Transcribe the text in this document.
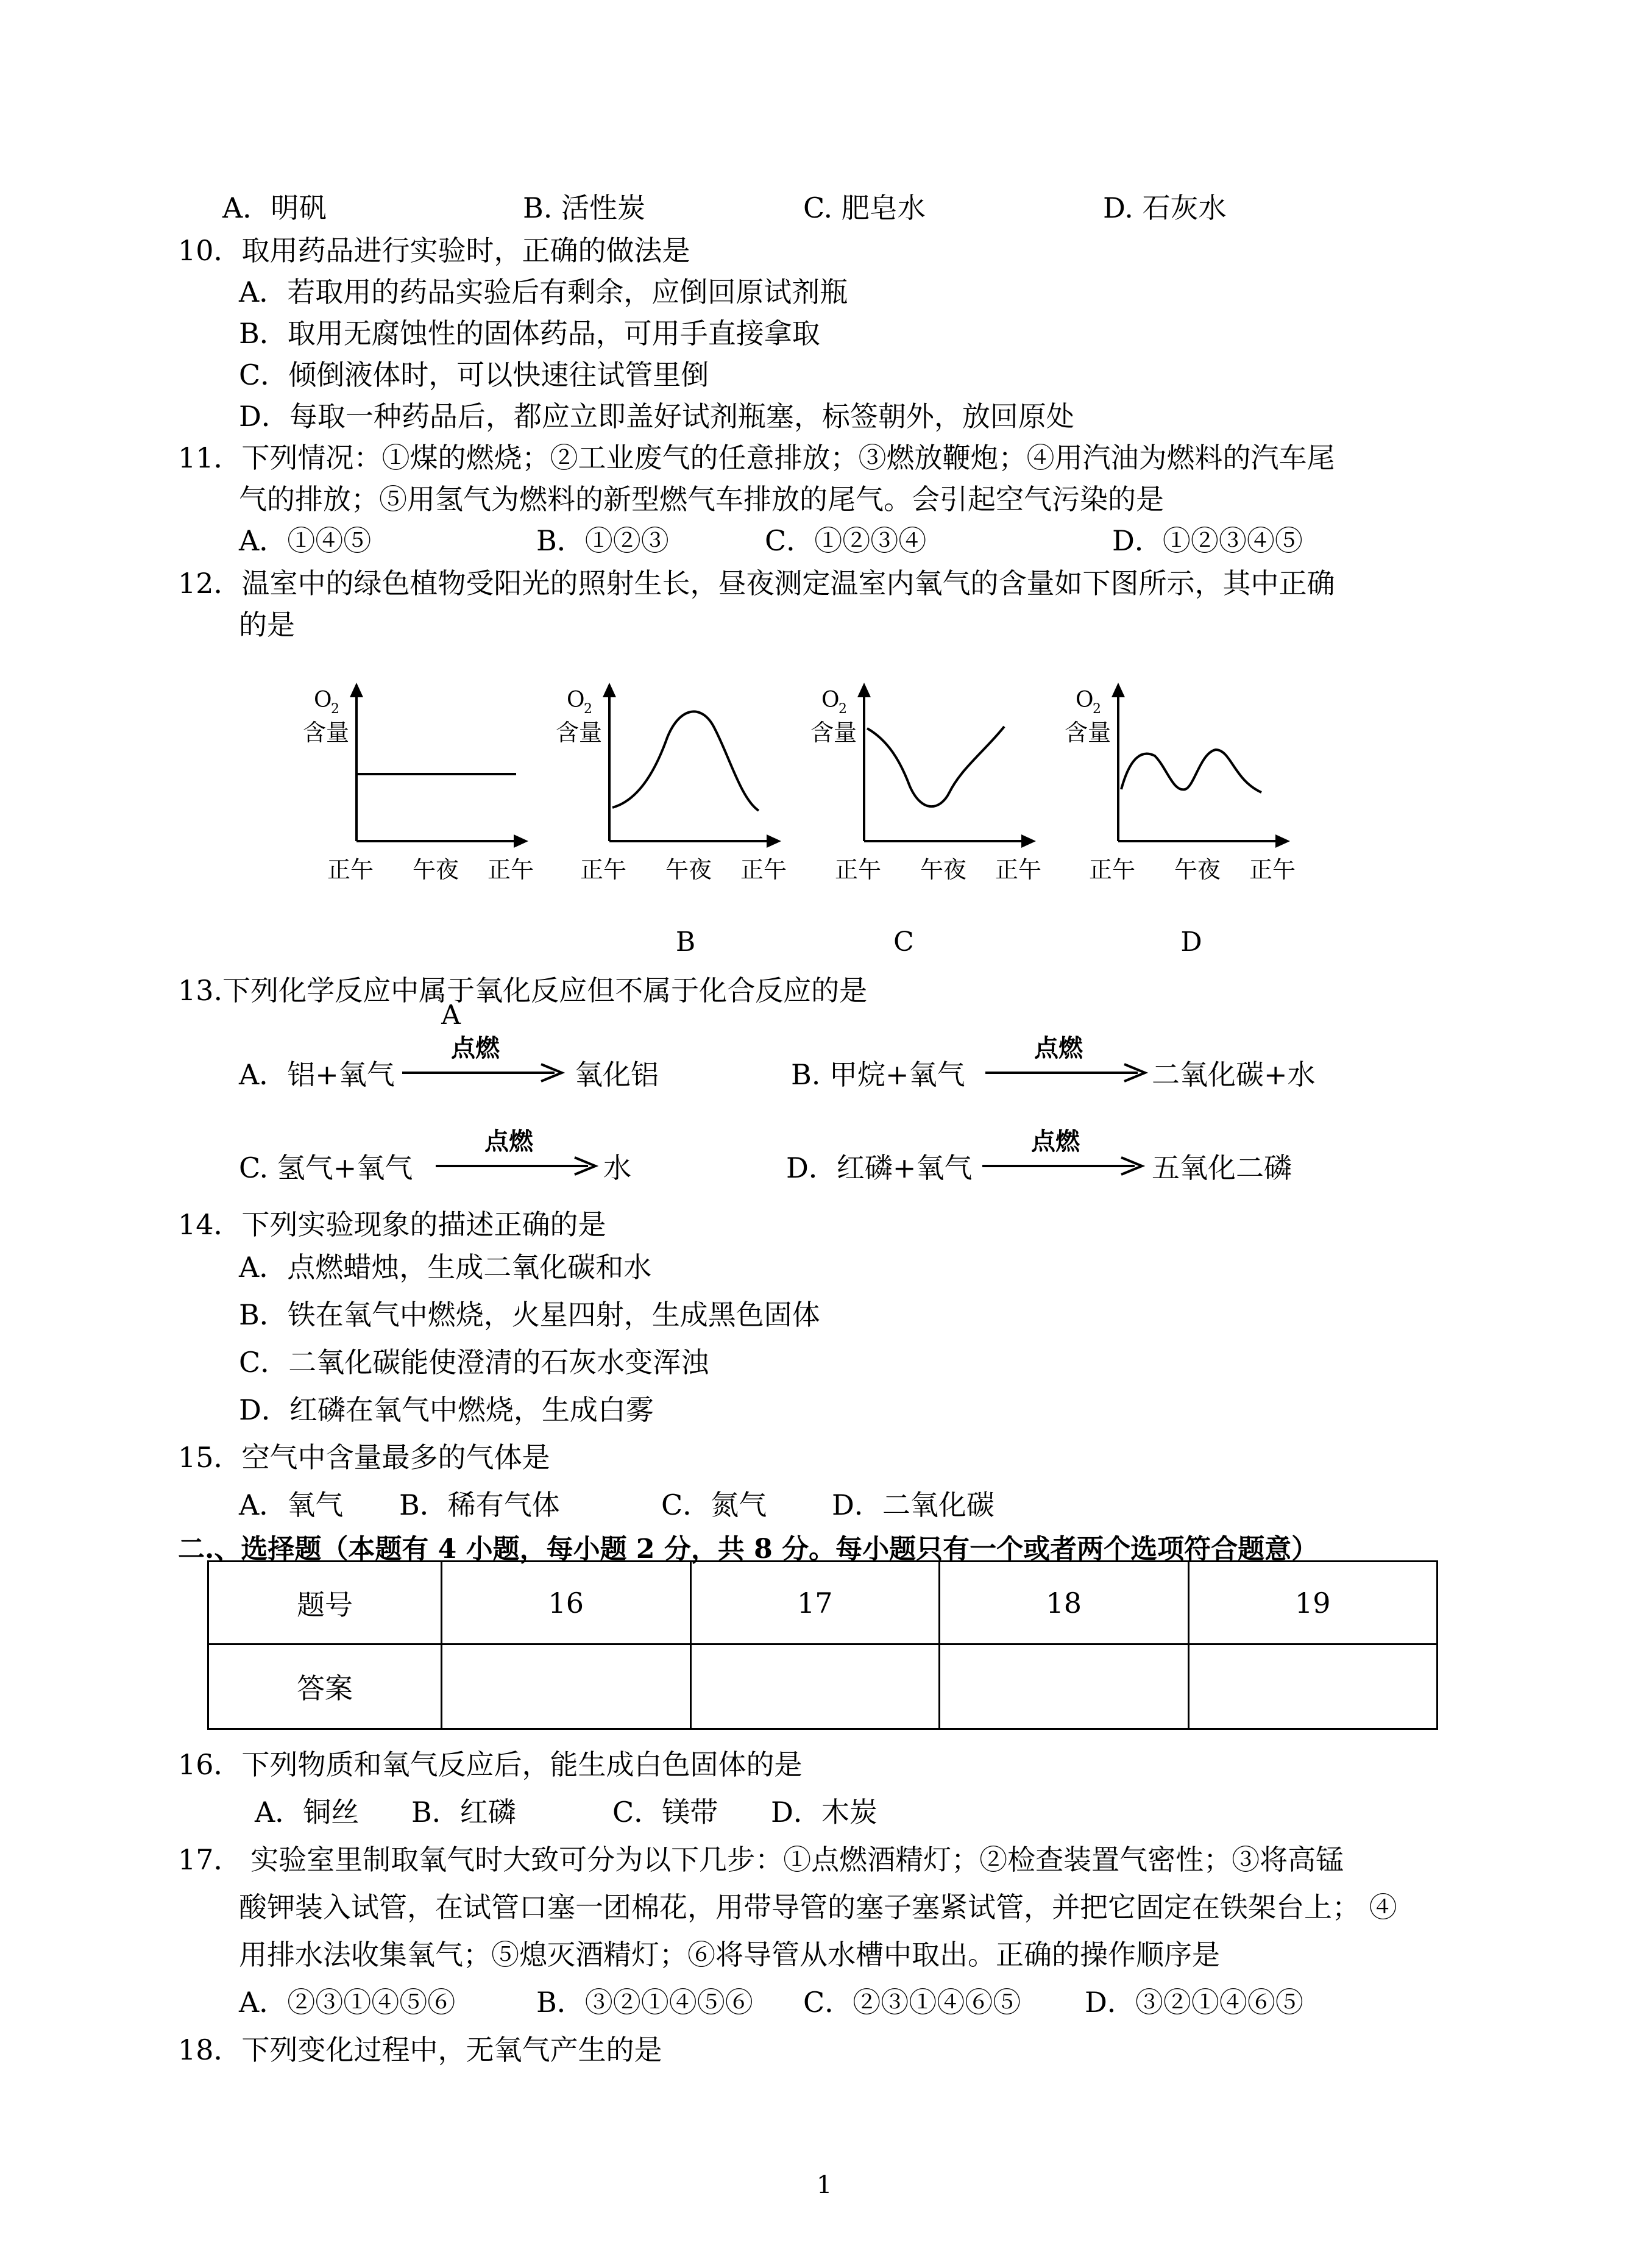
A．明矾	B. 活性炭	C. 肥皂水	D. 石灰水
10．取用药品进行实验时，正确的做法是
A．若取用的药品实验后有剩余，应倒回原试剂瓶
B．取用无腐蚀性的固体药品，可用手直接拿取
C．倾倒液体时，可以快速往试管里倒
D．每取一种药品后，都应立即盖好试剂瓶塞，标签朝外，放回原处
11．下列情况：①煤的燃烧；②工业废气的任意排放；③燃放鞭炮；④用汽油为燃料的汽车尾
气的排放；⑤用氢气为燃料的新型燃气车排放的尾气。会引起空气污染的是
A．①④⑤	B．①②③	C．①②③④	D．①②③④⑤
12．温室中的绿色植物受阳光的照射生长，昼夜测定温室内氧气的含量如下图所示，其中正确
的是
O
2
含量
正午 午夜 正午
A
O
2
含量
正午 午夜 正午
B
O
2
含量
正午 午夜 正午
C
O
2
含量
正午 午夜 正午
D
13.下列化学反应中属于氧化反应但不属于化合反应的是
A．铝+氧气
点燃
氧化铝	B. 甲烷+氧气
点燃
二氧化碳+水
C. 氢气+氧气
点燃
水	D．红磷+氧气
点燃
五氧化二磷
14．下列实验现象的描述正确的是
A．点燃蜡烛，生成二氧化碳和水
B．铁在氧气中燃烧，火星四射，生成黑色固体
C．二氧化碳能使澄清的石灰水变浑浊
D．红磷在氧气中燃烧，生成白雾
15．空气中含量最多的气体是
A．氧气 B．稀有气体	C．氮气 D．二氧化碳
二.、选择题（本题有 4 小题，每小题 2 分，共 8 分。每小题只有一个或者两个选项符合题意）
题号	16	17	18	19
答案				
16．下列物质和氧气反应后，能生成白色固体的是
A．铜丝 B．红磷	C．镁带 D．木炭
17． 实验室里制取氧气时大致可分为以下几步：①点燃酒精灯；②检查装置气密性；③将高锰
酸钾装入试管，在试管口塞一团棉花，用带导管的塞子塞紧试管，并把它固定在铁架台上； ④
用排水法收集氧气；⑤熄灭酒精灯；⑥将导管从水槽中取出。正确的操作顺序是
A．②③①④⑤⑥	B．③②①④⑤⑥ C．②③①④⑥⑤ D．③②①④⑥⑤
18．下列变化过程中，无氧气产生的是
1
